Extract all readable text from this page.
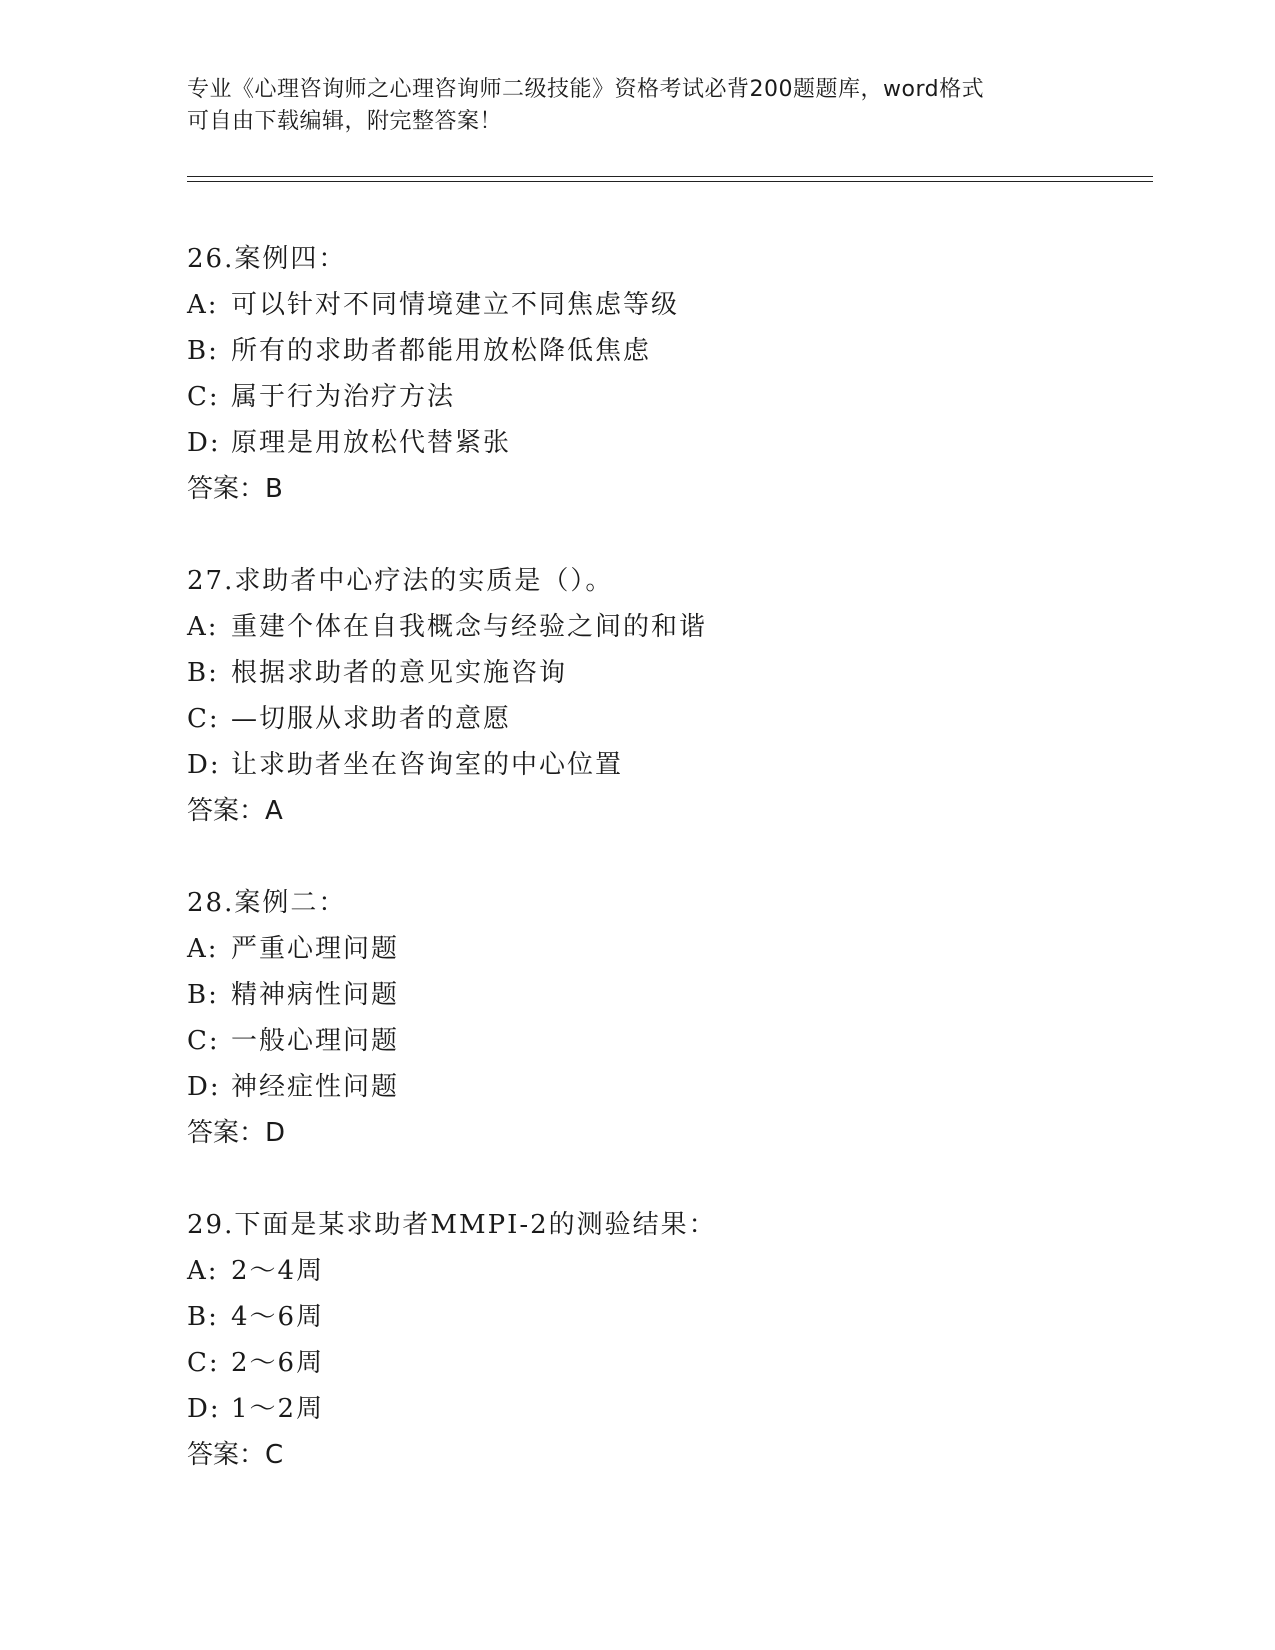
专业《心理咨询师之心理咨询师二级技能》资格考试必背200题题库，word格式
可自由下载编辑，附完整答案！
26.案例四：
A: 可以针对不同情境建立不同焦虑等级
B: 所有的求助者都能用放松降低焦虑
C: 属于行为治疗方法
D: 原理是用放松代替紧张
答案：B
27.求助者中心疗法的实质是（）。
A: 重建个体在自我概念与经验之间的和谐
B: 根据求助者的意见实施咨询
C: —切服从求助者的意愿
D: 让求助者坐在咨询室的中心位置
答案：A
28.案例二：
A: 严重心理问题
B: 精神病性问题
C: 一般心理问题
D: 神经症性问题
答案：D
29.下面是某求助者MMPI-2的测验结果：
A: 2～4周
B: 4～6周
C: 2～6周
D: 1～2周
答案：C
